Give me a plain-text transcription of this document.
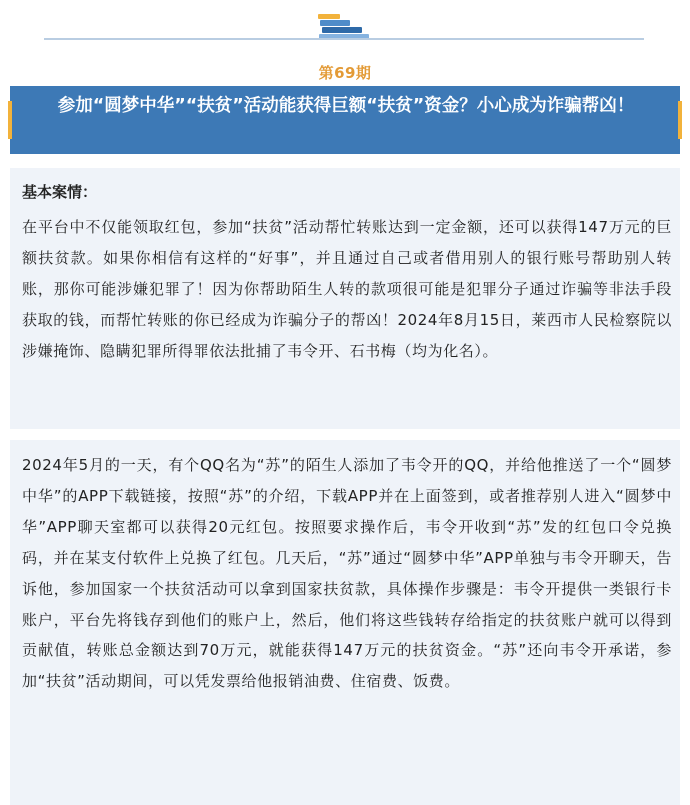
第69期
参加“圆梦中华”“扶贫”活动能获得巨额“扶贫”资金？小心成为诈骗帮凶！
基本案情：
在平台中不仅能领取红包，参加“扶贫”活动帮忙转账达到一定金额，还可以获得147万元的巨额扶贫款。如果你相信有这样的“好事”，并且通过自己或者借用别人的银行账号帮助别人转账，那你可能涉嫌犯罪了！因为你帮助陌生人转的款项很可能是犯罪分子通过诈骗等非法手段获取的钱，而帮忙转账的你已经成为诈骗分子的帮凶！2024年8月15日，莱西市人民检察院以涉嫌掩饰、隐瞒犯罪所得罪依法批捕了韦令开、石书梅（均为化名）。
2024年5月的一天，有个QQ名为“苏”的陌生人添加了韦令开的QQ，并给他推送了一个“圆梦中华”的APP下载链接，按照“苏”的介绍，下载APP并在上面签到，或者推荐别人进入“圆梦中华”APP聊天室都可以获得20元红包。按照要求操作后，韦令开收到“苏”发的红包口令兑换码，并在某支付软件上兑换了红包。几天后，“苏”通过“圆梦中华”APP单独与韦令开聊天，告诉他，参加国家一个扶贫活动可以拿到国家扶贫款，具体操作步骤是：韦令开提供一类银行卡账户，平台先将钱存到他们的账户上，然后，他们将这些钱转存给指定的扶贫账户就可以得到贡献值，转账总金额达到70万元，就能获得147万元的扶贫资金。“苏”还向韦令开承诺，参加“扶贫”活动期间，可以凭发票给他报销油费、住宿费、饭费。
